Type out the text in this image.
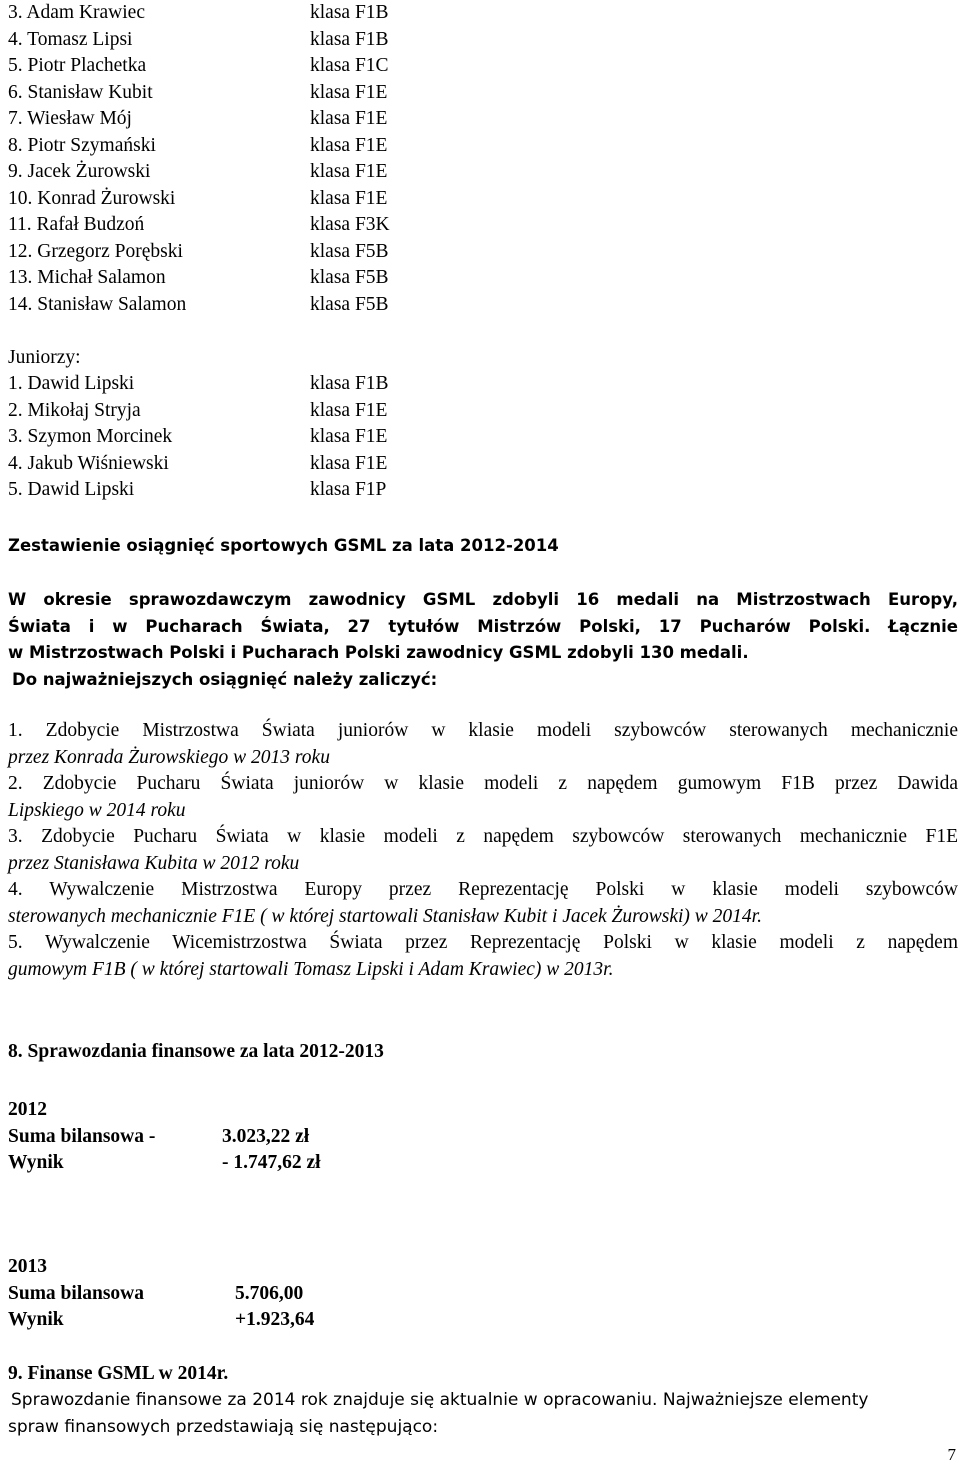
3. Adam Krawiec	klasa F1B
4. Tomasz Lipsi	klasa F1B
5. Piotr Plachetka	klasa F1C
6. Stanisław Kubit	klasa F1E
7. Wiesław Mój	klasa F1E
8. Piotr Szymański	klasa F1E
9. Jacek Żurowski	klasa F1E
10. Konrad Żurowski	klasa F1E
11. Rafał Budzoń	klasa F3K
12. Grzegorz Porębski	klasa F5B
13. Michał Salamon	klasa F5B
14. Stanisław Salamon	klasa F5B
Juniorzy:
1. Dawid Lipski	klasa F1B
2. Mikołaj Stryja	klasa F1E
3. Szymon Morcinek	klasa F1E
4. Jakub Wiśniewski	klasa F1E
5. Dawid Lipski	klasa F1P
Zestawienie osiągnięć sportowych GSML za lata 2012-2014

W okresie sprawozdawczym zawodnicy GSML zdobyli 16 medali na Mistrzostwach Europy,

Świata i w Pucharach Świata, 27 tytułów Mistrzów Polski, 17 Pucharów Polski. Łącznie

w Mistrzostwach Polski i Pucharach Polski zawodnicy GSML zdobyli 130 medali.

Do najważniejszych osiągnięć należy zaliczyć:

1. Zdobycie Mistrzostwa Świata juniorów w klasie modeli szybowców sterowanych mechanicznie

przez Konrada Żurowskiego w 2013 roku

2. Zdobycie Pucharu Świata juniorów w klasie modeli z napędem gumowym F1B przez Dawida

Lipskiego w 2014 roku

3. Zdobycie Pucharu Świata w klasie modeli z napędem szybowców sterowanych mechanicznie F1E

przez Stanisława Kubita w 2012 roku

4. Wywalczenie Mistrzostwa Europy przez Reprezentację Polski w klasie modeli szybowców

sterowanych mechanicznie F1E ( w której startowali Stanisław Kubit i Jacek Żurowski) w 2014r.

5. Wywalczenie Wicemistrzostwa Świata przez Reprezentację Polski w klasie modeli z napędem

gumowym F1B ( w której startowali Tomasz Lipski i Adam Krawiec) w 2013r.

8. Sprawozdania finansowe za lata 2012-2013
2012
Suma bilansowa -	3.023,22 zł
Wynik	- 1.747,62 zł
2013
Suma bilansowa	5.706,00
Wynik	+1.923,64
9. Finanse GSML w 2014r.
Sprawozdanie finansowe za 2014 rok znajduje się aktualnie w opracowaniu. Najważniejsze elementy
spraw finansowych przedstawiają się następująco:
7
